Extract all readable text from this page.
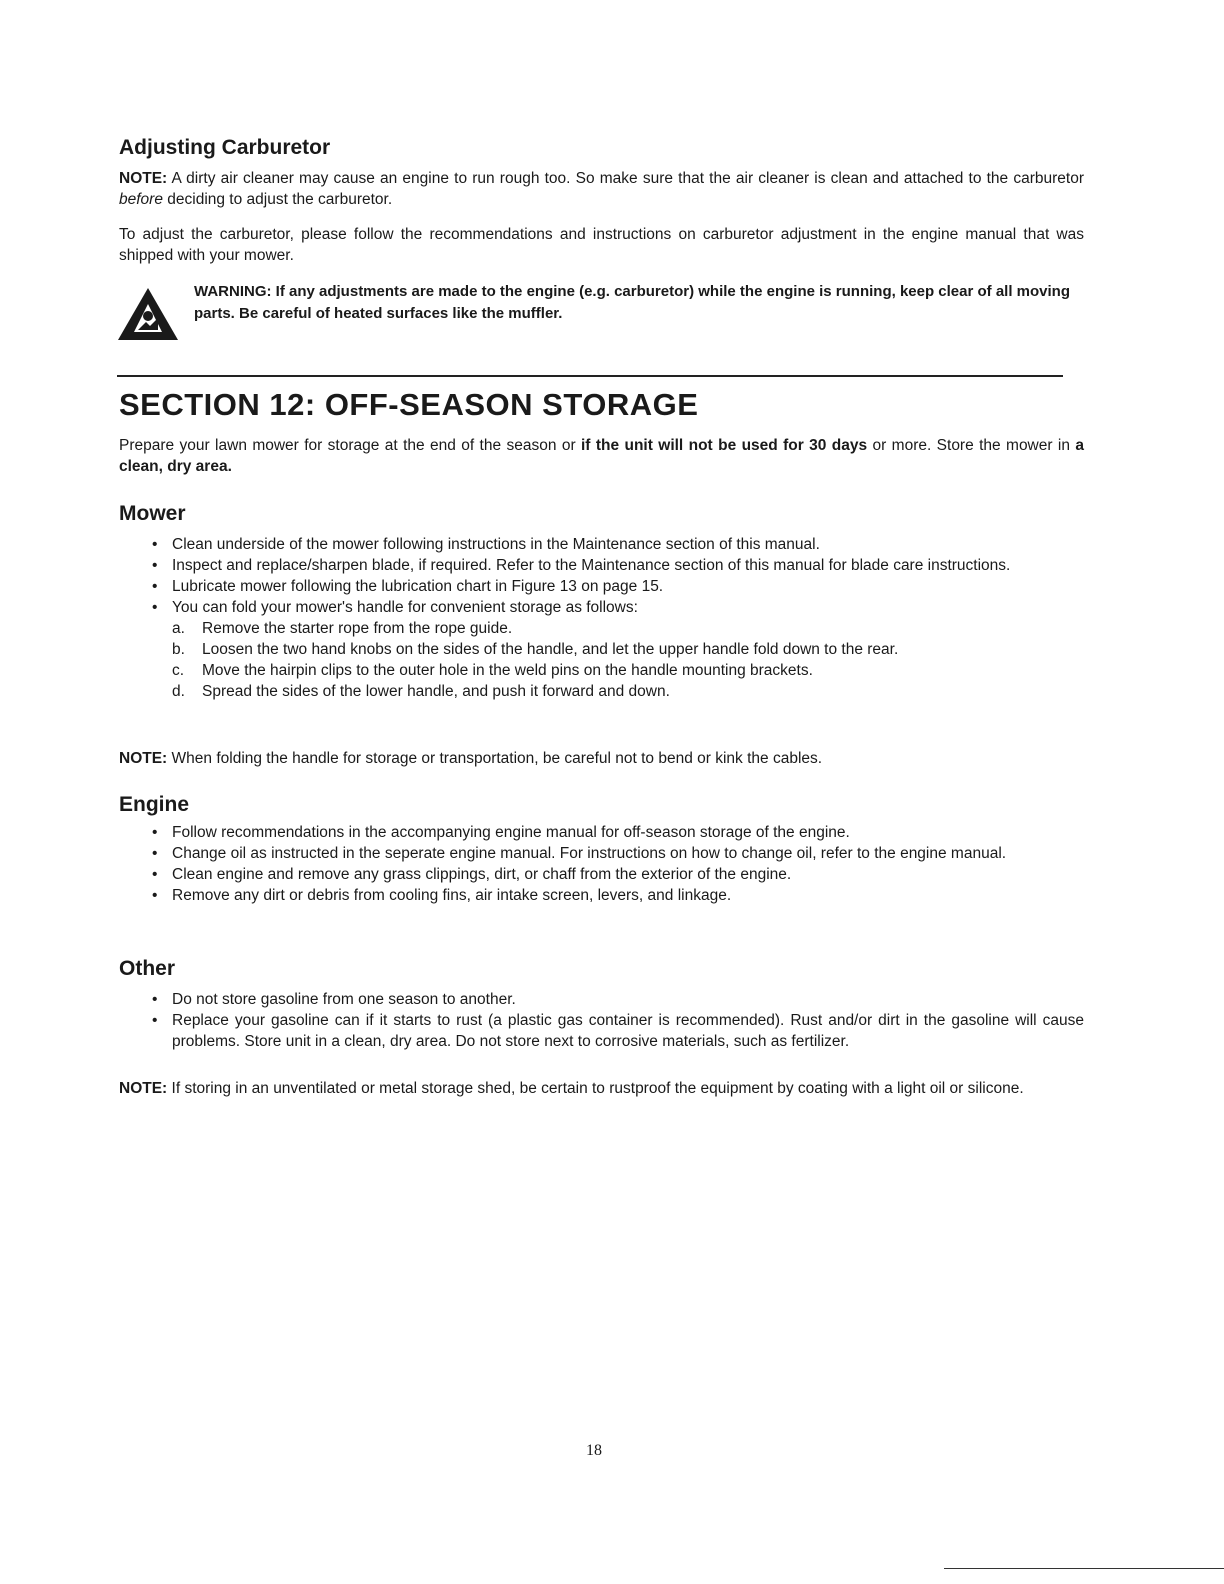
Adjusting Carburetor
NOTE: A dirty air cleaner may cause an engine to run rough too. So make sure that the air cleaner is clean and attached to the carburetor before deciding to adjust the carburetor.
To adjust the carburetor, please follow the recommendations and instructions on carburetor adjustment in the engine manual that was shipped with your mower.
WARNING: If any adjustments are made to the engine (e.g. carburetor) while the engine is running, keep clear of all moving parts. Be careful of heated surfaces like the muffler.
SECTION 12: OFF-SEASON STORAGE
Prepare your lawn mower for storage at the end of the season or if the unit will not be used for 30 days or more. Store the mower in a clean, dry area.
Mower
• Clean underside of the mower following instructions in the Maintenance section of this manual.
• Inspect and replace/sharpen blade, if required. Refer to the Maintenance section of this manual for blade care instructions.
• Lubricate mower following the lubrication chart in Figure 13 on page 15.
• You can fold your mower's handle for convenient storage as follows:
a. Remove the starter rope from the rope guide.
b. Loosen the two hand knobs on the sides of the handle, and let the upper handle fold down to the rear.
c. Move the hairpin clips to the outer hole in the weld pins on the handle mounting brackets.
d. Spread the sides of the lower handle, and push it forward and down.
NOTE: When folding the handle for storage or transportation, be careful not to bend or kink the cables.
Engine
• Follow recommendations in the accompanying engine manual for off-season storage of the engine.
• Change oil as instructed in the seperate engine manual. For instructions on how to change oil, refer to the engine manual.
• Clean engine and remove any grass clippings, dirt, or chaff from the exterior of the engine.
• Remove any dirt or debris from cooling fins, air intake screen, levers, and linkage.
Other
• Do not store gasoline from one season to another.
• Replace your gasoline can if it starts to rust (a plastic gas container is recommended). Rust and/or dirt in the gasoline will cause problems. Store unit in a clean, dry area. Do not store next to corrosive materials, such as fertilizer.
NOTE: If storing in an unventilated or metal storage shed, be certain to rustproof the equipment by coating with a light oil or silicone.
18
